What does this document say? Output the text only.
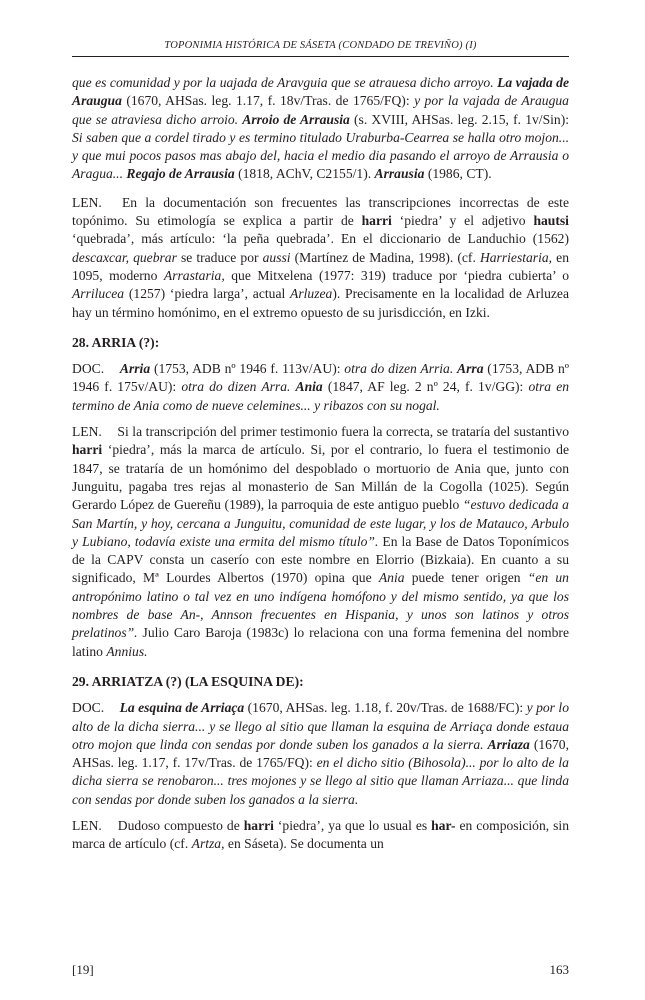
TOPONIMIA HISTÓRICA DE SÁSETA (CONDADO DE TREVIÑO) (I)

que es comunidad y por la uajada de Aravguia que se atrauesa dicho arroyo. La vajada de Araugua (1670, AHSas. leg. 1.17, f. 18v/Tras. de 1765/FQ): y por la vajada de Araugua que se atraviesa dicho arroio. Arroio de Arrausia (s. XVIII, AHSas. leg. 2.15, f. 1v/Sin): Si saben que a cordel tirado y es termino titulado Uraburba-Cearrea se halla otro mojon... y que mui pocos pasos mas abajo del, hacia el medio dia pasando el arroyo de Arrausia o Aragua... Regajo de Arrausia (1818, AChV, C2155/1). Arrausia (1986, CT).

LEN. En la documentación son frecuentes las transcripciones incorrectas de este topónimo. Su etimología se explica a partir de harri ‘piedra’ y el adjetivo hautsi ‘quebrada’, más artículo: ‘la peña quebrada’. En el diccionario de Landuchio (1562) descaxcar, quebrar se traduce por aussi (Martínez de Madina, 1998). (cf. Harriestaria, en 1095, moderno Arrastaria, que Mitxelena (1977: 319) traduce por ‘piedra cubierta’ o Arrilucea (1257) ‘piedra larga’, actual Arluzea). Precisamente en la localidad de Arluzea hay un término homónimo, en el extremo opuesto de su jurisdicción, en Izki.

28. ARRIA (?):

DOC. Arria (1753, ADB nº 1946 f. 113v/AU): otra do dizen Arria. Arra (1753, ADB nº 1946 f. 175v/AU): otra do dizen Arra. Ania (1847, AF leg. 2 nº 24, f. 1v/GG): otra en termino de Ania como de nueve celemines... y ribazos con su nogal.

LEN. Si la transcripción del primer testimonio fuera la correcta, se trataría del sustantivo harri ‘piedra’, más la marca de artículo. Si, por el contrario, lo fuera el testimonio de 1847, se trataría de un homónimo del despoblado o mortuorio de Ania que, junto con Junguitu, pagaba tres rejas al monasterio de San Millán de la Cogolla (1025). Según Gerardo López de Guereñu (1989), la parroquia de este antiguo pueblo “estuvo dedicada a San Martín, y hoy, cercana a Junguitu, comunidad de este lugar, y los de Matauco, Arbulo y Lubiano, todavía existe una ermita del mismo título”. En la Base de Datos Toponímicos de la CAPV consta un caserío con este nombre en Elorrio (Bizkaia). En cuanto a su significado, Mª Lourdes Albertos (1970) opina que Ania puede tener origen “en un antropónimo latino o tal vez en uno indígena homófono y del mismo sentido, ya que los nombres de base An-, Annson frecuentes en Hispania, y unos son latinos y otros prelatinos”. Julio Caro Baroja (1983c) lo relaciona con una forma femenina del nombre latino Annius.

29. ARRIATZA (?) (LA ESQUINA DE):

DOC. La esquina de Arriaça (1670, AHSas. leg. 1.18, f. 20v/Tras. de 1688/FC): y por lo alto de la dicha sierra... y se llego al sitio que llaman la esquina de Arriaça donde estaua otro mojon que linda con sendas por donde suben los ganados a la sierra. Arriaza (1670, AHSas. leg. 1.17, f. 17v/Tras. de 1765/FQ): en el dicho sitio (Bihosola)... por lo alto de la dicha sierra se renobaron... tres mojones y se llego al sitio que llaman Arriaza... que linda con sendas por donde suben los ganados a la sierra.

LEN. Dudoso compuesto de harri ‘piedra’, ya que lo usual es har- en composición, sin marca de artículo (cf. Artza, en Sáseta). Se documenta un

[19]	163
